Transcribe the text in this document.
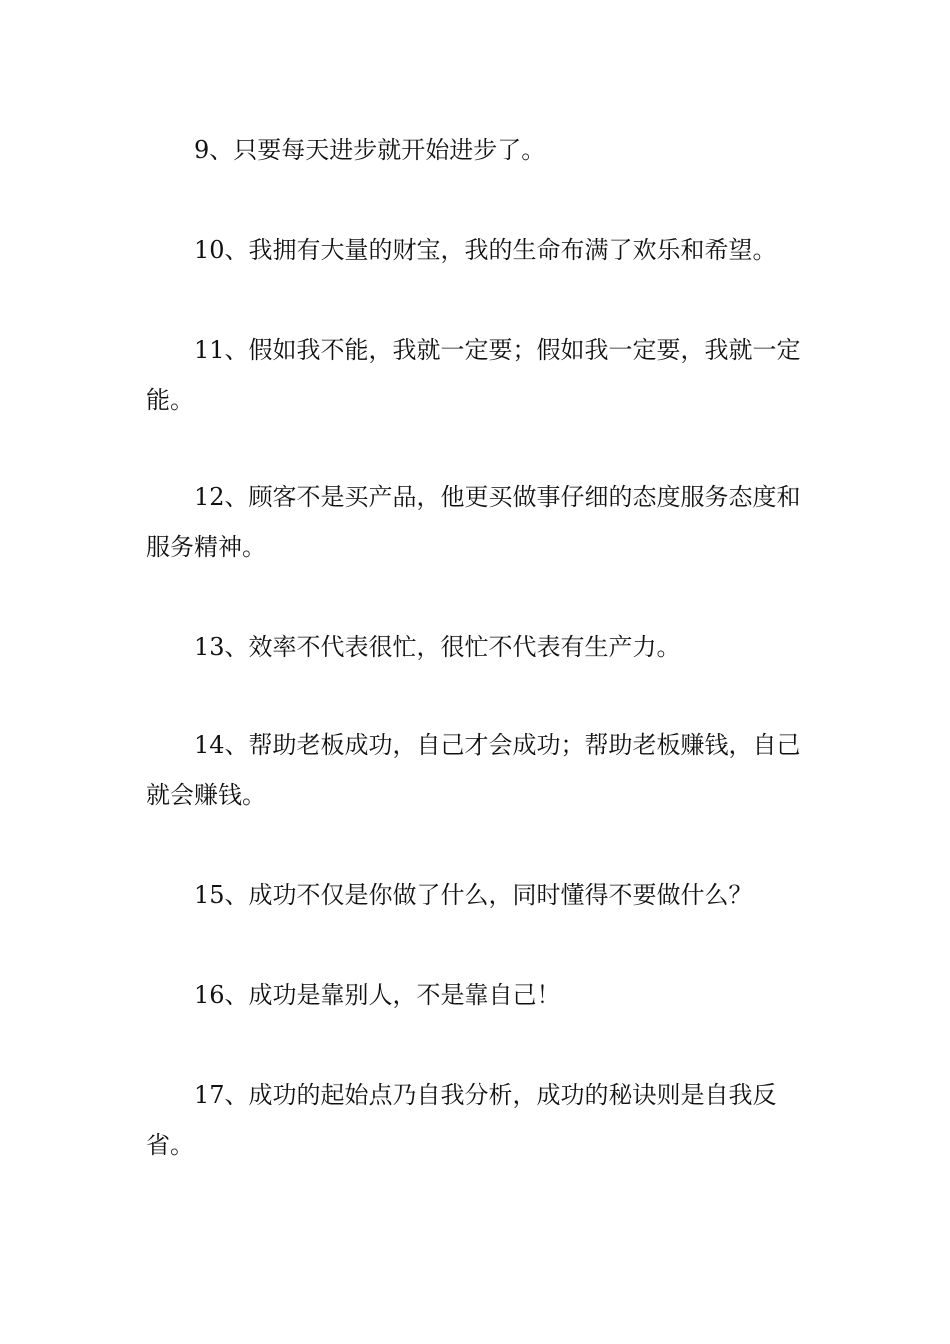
9、只要每天进步就开始进步了。

10、我拥有大量的财宝，我的生命布满了欢乐和希望。

11、假如我不能，我就一定要；假如我一定要，我就一定能。

12、顾客不是买产品，他更买做事仔细的态度服务态度和服务精神。

13、效率不代表很忙，很忙不代表有生产力。

14、帮助老板成功，自己才会成功；帮助老板赚钱，自己就会赚钱。

15、成功不仅是你做了什么，同时懂得不要做什么？

16、成功是靠别人，不是靠自己！

17、成功的起始点乃自我分析，成功的秘诀则是自我反省。
